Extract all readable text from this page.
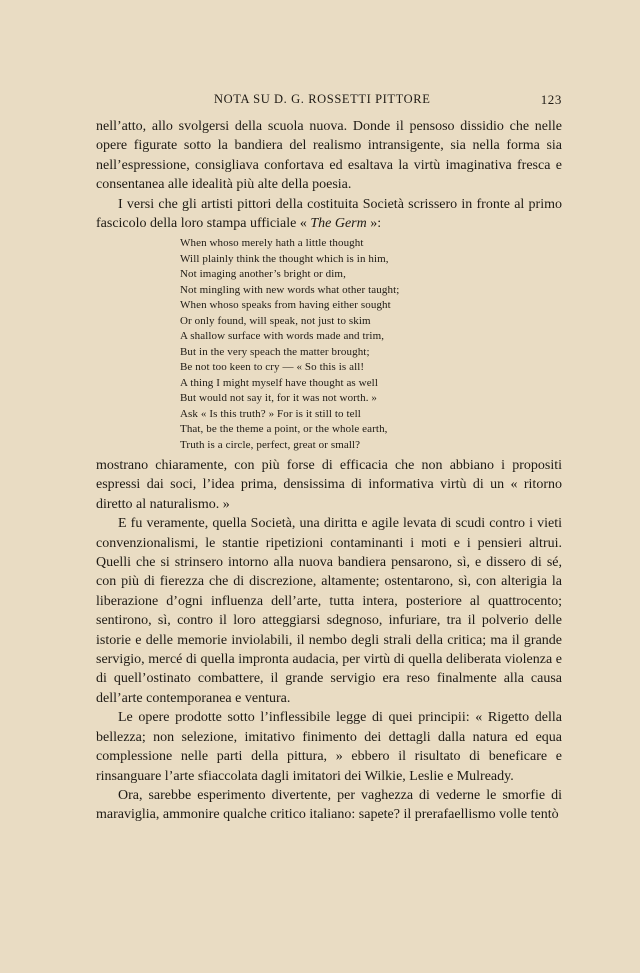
NOTA SU D. G. ROSSETTI PITTORE	123

nell’atto, allo svolgersi della scuola nuova. Donde il pensoso dissidio che nelle opere figurate sotto la bandiera del realismo intransigente, sia nella forma sia nell’espressione, consigliava confortava ed esaltava la virtù imaginativa fresca e consentanea alle idealità più alte della poesia.

I versi che gli artisti pittori della costituita Società scrissero in fronte al primo fascicolo della loro stampa ufficiale « The Germ »:

When whoso merely hath a little thought
Will plainly think the thought which is in him,
Not imaging another’s bright or dim,
Not mingling with new words what other taught;
When whoso speaks from having either sought
Or only found, will speak, not just to skim
A shallow surface with words made and trim,
But in the very speach the matter brought;
Be not too keen to cry — « So this is all!
A thing I might myself have thought as well
But would not say it, for it was not worth. »
Ask « Is this truth? » For is it still to tell
That, be the theme a point, or the whole earth,
Truth is a circle, perfect, great or small?

mostrano chiaramente, con più forse di efficacia che non abbiano i propositi espressi dai soci, l’idea prima, densissima di informativa virtù di un « ritorno diretto al naturalismo. »

E fu veramente, quella Società, una diritta e agile levata di scudi contro i vieti convenzionalismi, le stantie ripetizioni contaminanti i moti e i pensieri altrui. Quelli che si strinsero intorno alla nuova bandiera pensarono, sì, e dissero di sé, con più di fierezza che di discrezione, altamente; ostentarono, sì, con alterigia la liberazione d’ogni influenza dell’arte, tutta intera, posteriore al quattrocento; sentirono, sì, contro il loro atteggiarsi sdegnoso, infuriare, tra il polverio delle istorie e delle memorie inviolabili, il nembo degli strali della critica; ma il grande servigio, mercé di quella impronta audacia, per virtù di quella deliberata violenza e di quell’ostinato combattere, il grande servigio era reso finalmente alla causa dell’arte contemporanea e ventura.

Le opere prodotte sotto l’inflessibile legge di quei principii: « Rigetto della bellezza; non selezione, imitativo finimento dei dettagli dalla natura ed equa complessione nelle parti della pittura, » ebbero il risultato di beneficare e rinsanguare l’arte sfiaccolata dagli imitatori dei Wilkie, Leslie e Mulready.

Ora, sarebbe esperimento divertente, per vaghezza di vederne le smorfie di maraviglia, ammonire qualche critico italiano: sapete? il prerafaellismo volle tentò
